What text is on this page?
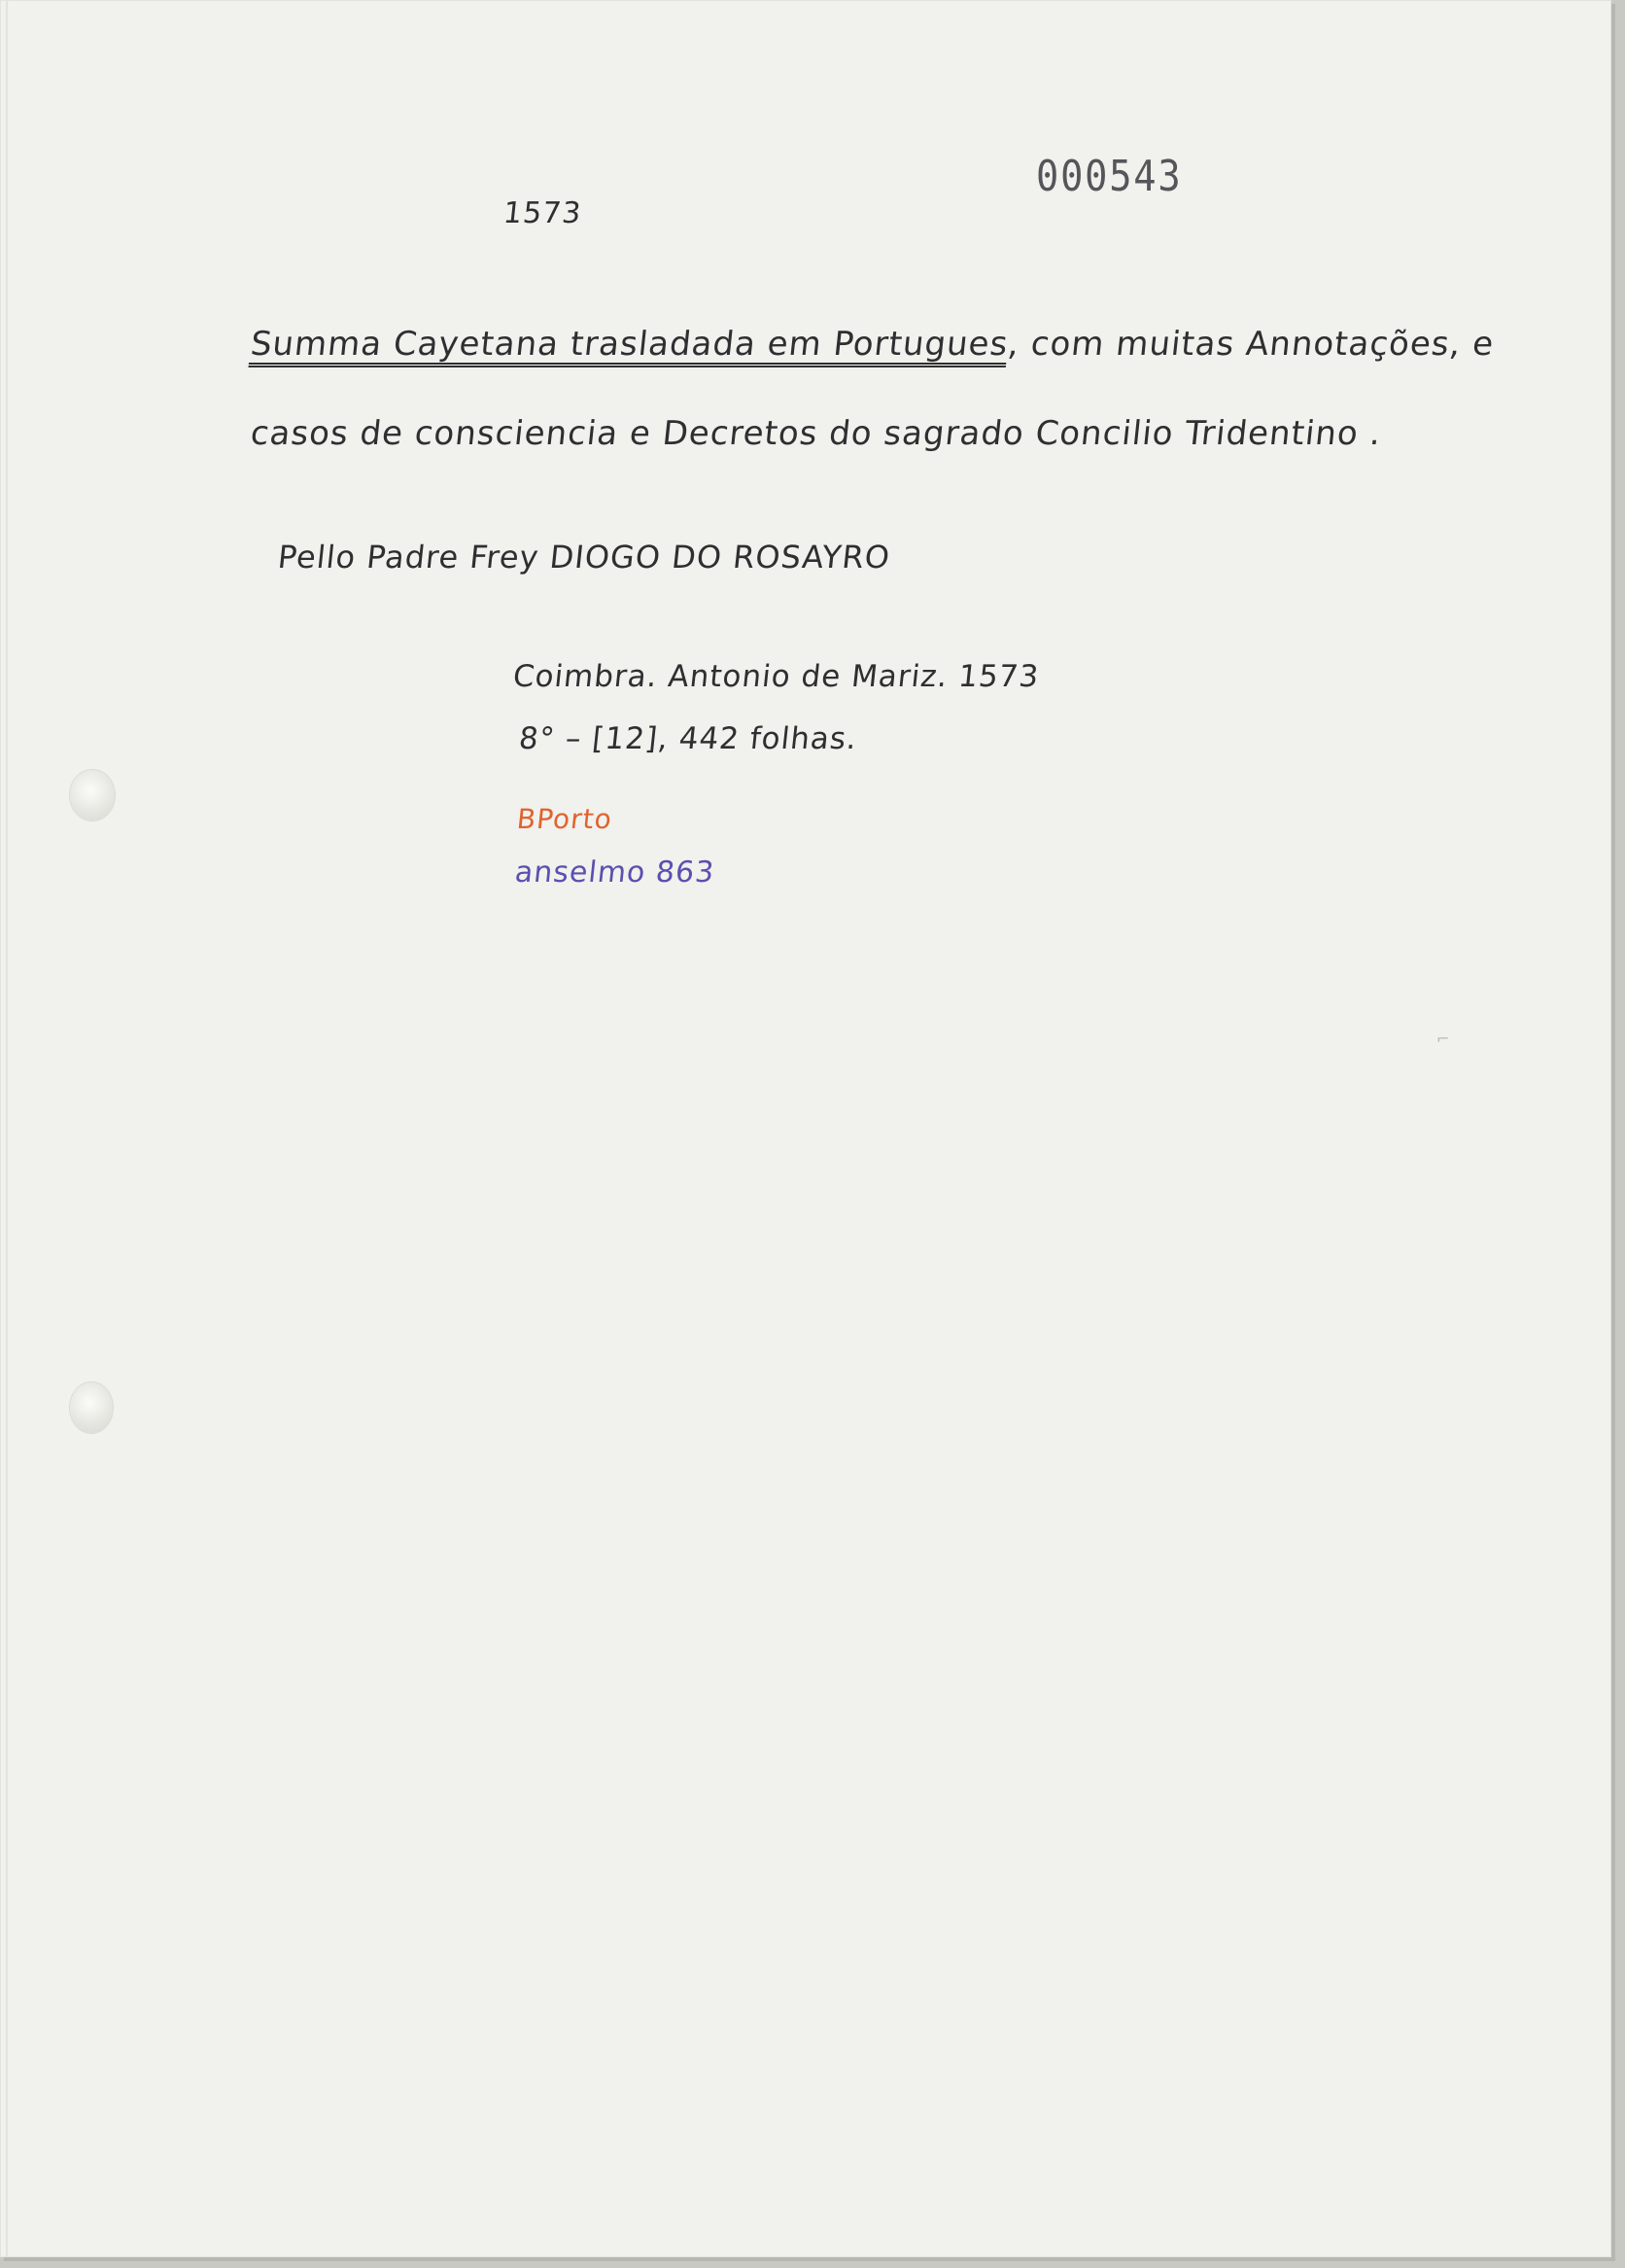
000543
1573
Summa Cayetana trasladada em Portugues, com muitas Annotações, e
casos de consciencia e Decretos do sagrado Concilio Tridentino .
Pello Padre Frey DIOGO DO ROSAYRO
Coimbra. Antonio de Mariz. 1573
8° – [12], 442 folhas.
BPorto
anselmo 863
⌐
